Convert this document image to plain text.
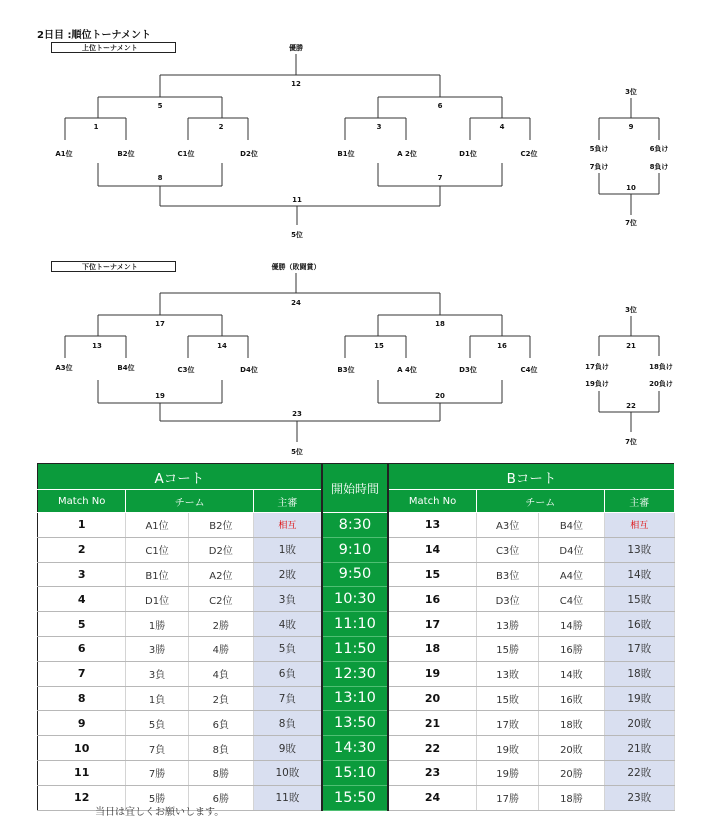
2日目 :順位トーナメント
上位トーナメント
下位トーナメント
優勝
12
5	6
1	2	3	4
A1位	B2位	C1位	D2位	B1位	A 2位	D1位	C2位
8	7
11
5位
3位
9
5負け	6負け
7負け	8負け
10
7位
優勝（敗闘賞）
24
17	18
13	14	15	16
A3位	B4位	C3位	D4位	B3位	A 4位	D3位	C4位
19	20
23
5位
3位
21
17負け	18負け
19負け	20負け
22
7位
Aコート				開始時間	Bコート			
Match No	チーム		主審		Match No	チーム		主審
1	A1位	B2位	相互	8:30	13	A3位	B4位	相互
2	C1位	D2位	1敗	9:10	14	C3位	D4位	13敗
3	B1位	A2位	2敗	9:50	15	B3位	A4位	14敗
4	D1位	C2位	3負	10:30	16	D3位	C4位	15敗
5	1勝	2勝	4敗	11:10	17	13勝	14勝	16敗
6	3勝	4勝	5負	11:50	18	15勝	16勝	17敗
7	3負	4負	6負	12:30	19	13敗	14敗	18敗
8	1負	2負	7負	13:10	20	15敗	16敗	19敗
9	5負	6負	8負	13:50	21	17敗	18敗	20敗
10	7負	8負	9敗	14:30	22	19敗	20敗	21敗
11	7勝	8勝	10敗	15:10	23	19勝	20勝	22敗
12	5勝	6勝	11敗	15:50	24	17勝	18勝	23敗
当日は宜しくお願いします。
